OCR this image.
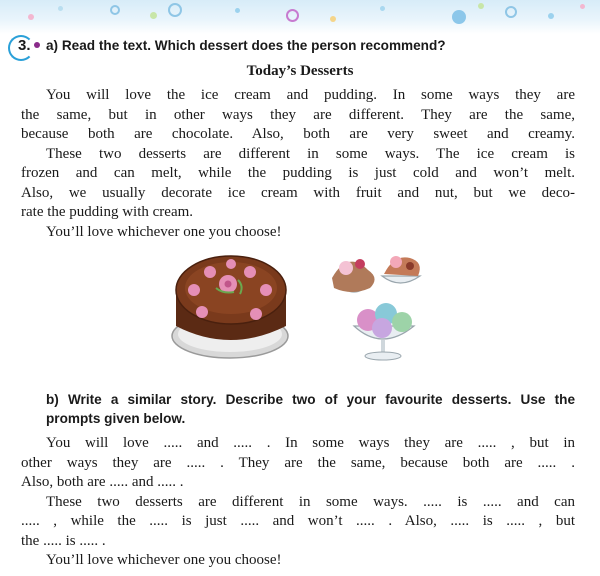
3. a) Read the text. Which dessert does the person recommend?
Today’s Desserts
You will love the ice cream and pudding. In some ways they are
the same, but in other ways they are different. They are the same,
because both are chocolate. Also, both are very sweet and creamy.
These two desserts are different in some ways. The ice cream is
frozen and can melt, while the pudding is just cold and won’t melt.
Also, we usually decorate ice cream with fruit and nut, but we deco-
rate the pudding with cream.
You’ll love whichever one you choose!
b) Write a similar story. Describe two of your favourite desserts. Use the
prompts given below.
You will love ..... and ..... . In some ways they are ..... , but in
other ways they are ..... . They are the same, because both are ..... .
Also, both are ..... and ..... .
These two desserts are different in some ways. ..... is ..... and can
..... , while the ..... is just ..... and won’t ..... . Also, ..... is ..... , but
the ..... is ..... .
You’ll love whichever one you choose!
